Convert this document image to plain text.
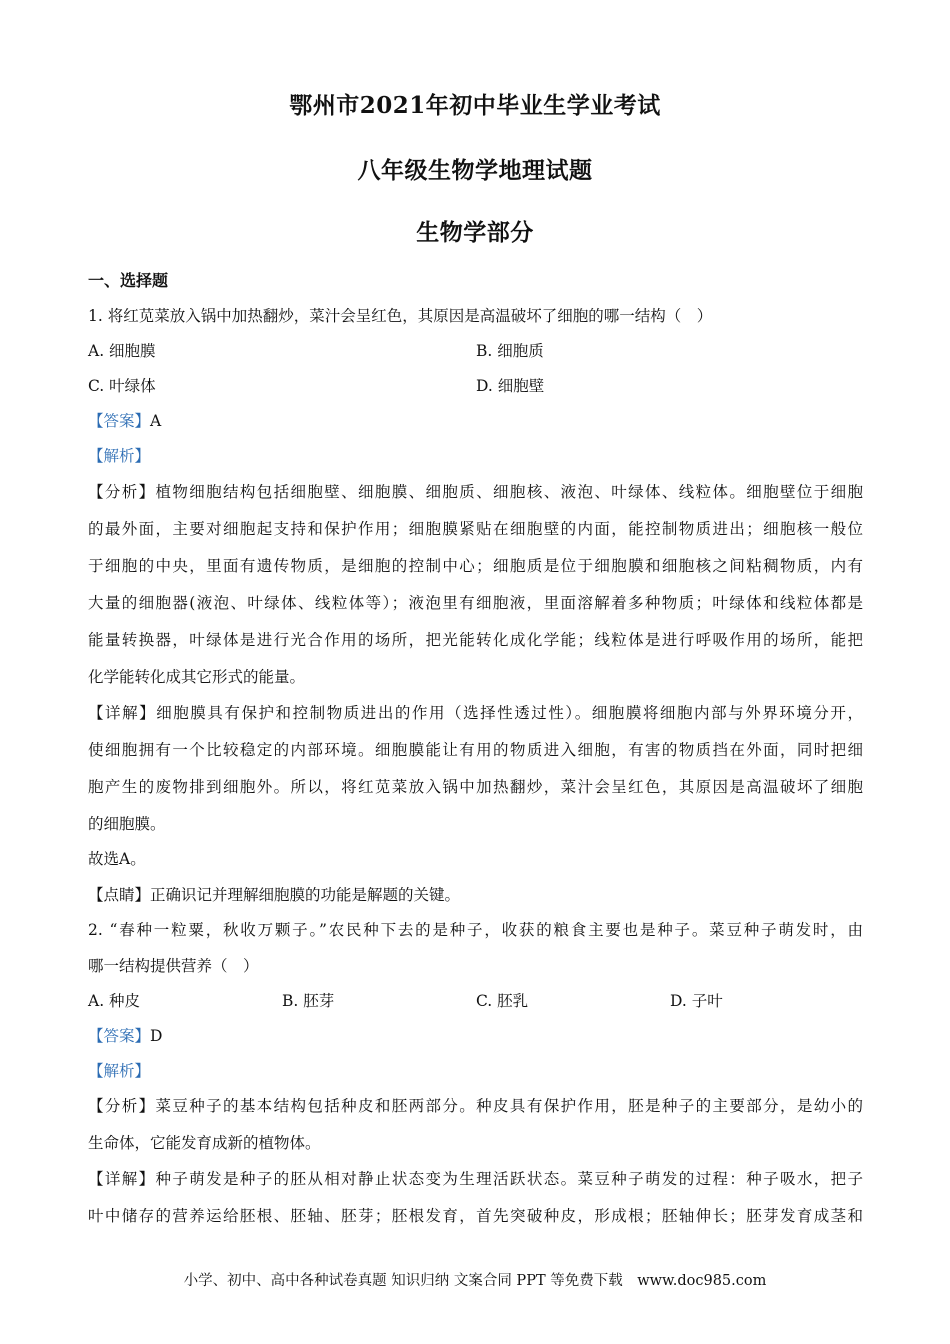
鄂州市2021年初中毕业生学业考试
八年级生物学地理试题
生物学部分
一、选择题
1. 将红苋菜放入锅中加热翻炒，菜汁会呈红色，其原因是高温破坏了细胞的哪一结构（　）
A. 细胞膜	B. 细胞质
C. 叶绿体	D. 细胞壁
【答案】A
【解析】
【分析】植物细胞结构包括细胞壁、细胞膜、细胞质、细胞核、液泡、叶绿体、线粒体。细胞壁位于细胞
的最外面，主要对细胞起支持和保护作用；细胞膜紧贴在细胞壁的内面，能控制物质进出；细胞核一般位
于细胞的中央，里面有遗传物质，是细胞的控制中心；细胞质是位于细胞膜和细胞核之间粘稠物质，内有
大量的细胞器(液泡、叶绿体、线粒体等）；液泡里有细胞液，里面溶解着多种物质；叶绿体和线粒体都是
能量转换器，叶绿体是进行光合作用的场所，把光能转化成化学能；线粒体是进行呼吸作用的场所，能把
化学能转化成其它形式的能量。
【详解】细胞膜具有保护和控制物质进出的作用（选择性透过性）。细胞膜将细胞内部与外界环境分开，
使细胞拥有一个比较稳定的内部环境。细胞膜能让有用的物质进入细胞，有害的物质挡在外面，同时把细
胞产生的废物排到细胞外。所以，将红苋菜放入锅中加热翻炒，菜汁会呈红色，其原因是高温破坏了细胞
的细胞膜。
故选A。
【点睛】正确识记并理解细胞膜的功能是解题的关键。
2. “春种一粒粟，秋收万颗子。”农民种下去的是种子，收获的粮食主要也是种子。菜豆种子萌发时，由
哪一结构提供营养（　）
A. 种皮	B. 胚芽	C. 胚乳	D. 子叶
【答案】D
【解析】
【分析】菜豆种子的基本结构包括种皮和胚两部分。种皮具有保护作用，胚是种子的主要部分，是幼小的
生命体，它能发育成新的植物体。
【详解】种子萌发是种子的胚从相对静止状态变为生理活跃状态。菜豆种子萌发的过程：种子吸水，把子
叶中储存的营养运给胚根、胚轴、胚芽；胚根发育，首先突破种皮，形成根；胚轴伸长；胚芽发育成茎和
小学、初中、高中各种试卷真题 知识归纳 文案合同 PPT 等免费下载　www.doc985.com
